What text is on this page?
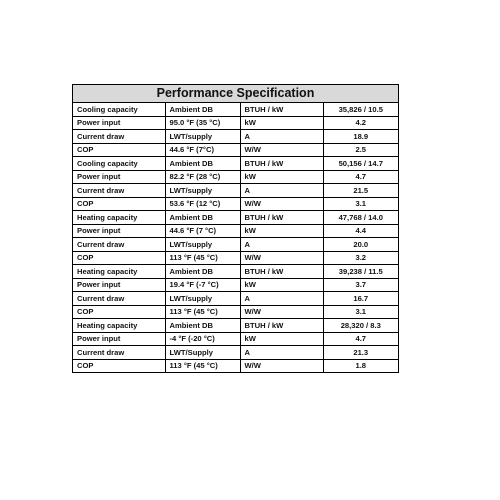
Performance Specification
Cooling capacity	Ambient DB	BTUH / kW	35,826 / 10.5
Power input	95.0 °F (35 °C)	kW	4.2
Current draw	LWT/supply	A	18.9
COP	44.6 °F (7°C)	W/W	2.5
Cooling capacity	Ambient DB	BTUH / kW	50,156 / 14.7
Power input	82.2 °F (28 °C)	kW	4.7
Current draw	LWT/supply	A	21.5
COP	53.6 °F (12 °C)	W/W	3.1
Heating capacity	Ambient DB	BTUH / kW	47,768 / 14.0
Power input	44.6 °F (7 °C)	kW	4.4
Current draw	LWT/supply	A	20.0
COP	113 °F (45 °C)	W/W	3.2
Heating capacity	Ambient DB	BTUH / kW	39,238 / 11.5
Power input	19.4 °F (-7 °C)	kW	3.7
Current draw	LWT/supply	A	16.7
COP	113 °F (45 °C)	W/W	3.1
Heating capacity	Ambient DB	BTUH / kW	28,320 / 8.3
Power input	-4 °F (-20 °C)	kW	4.7
Current draw	LWT/Supply	A	21.3
COP	113 °F (45 °C)	W/W	1.8
